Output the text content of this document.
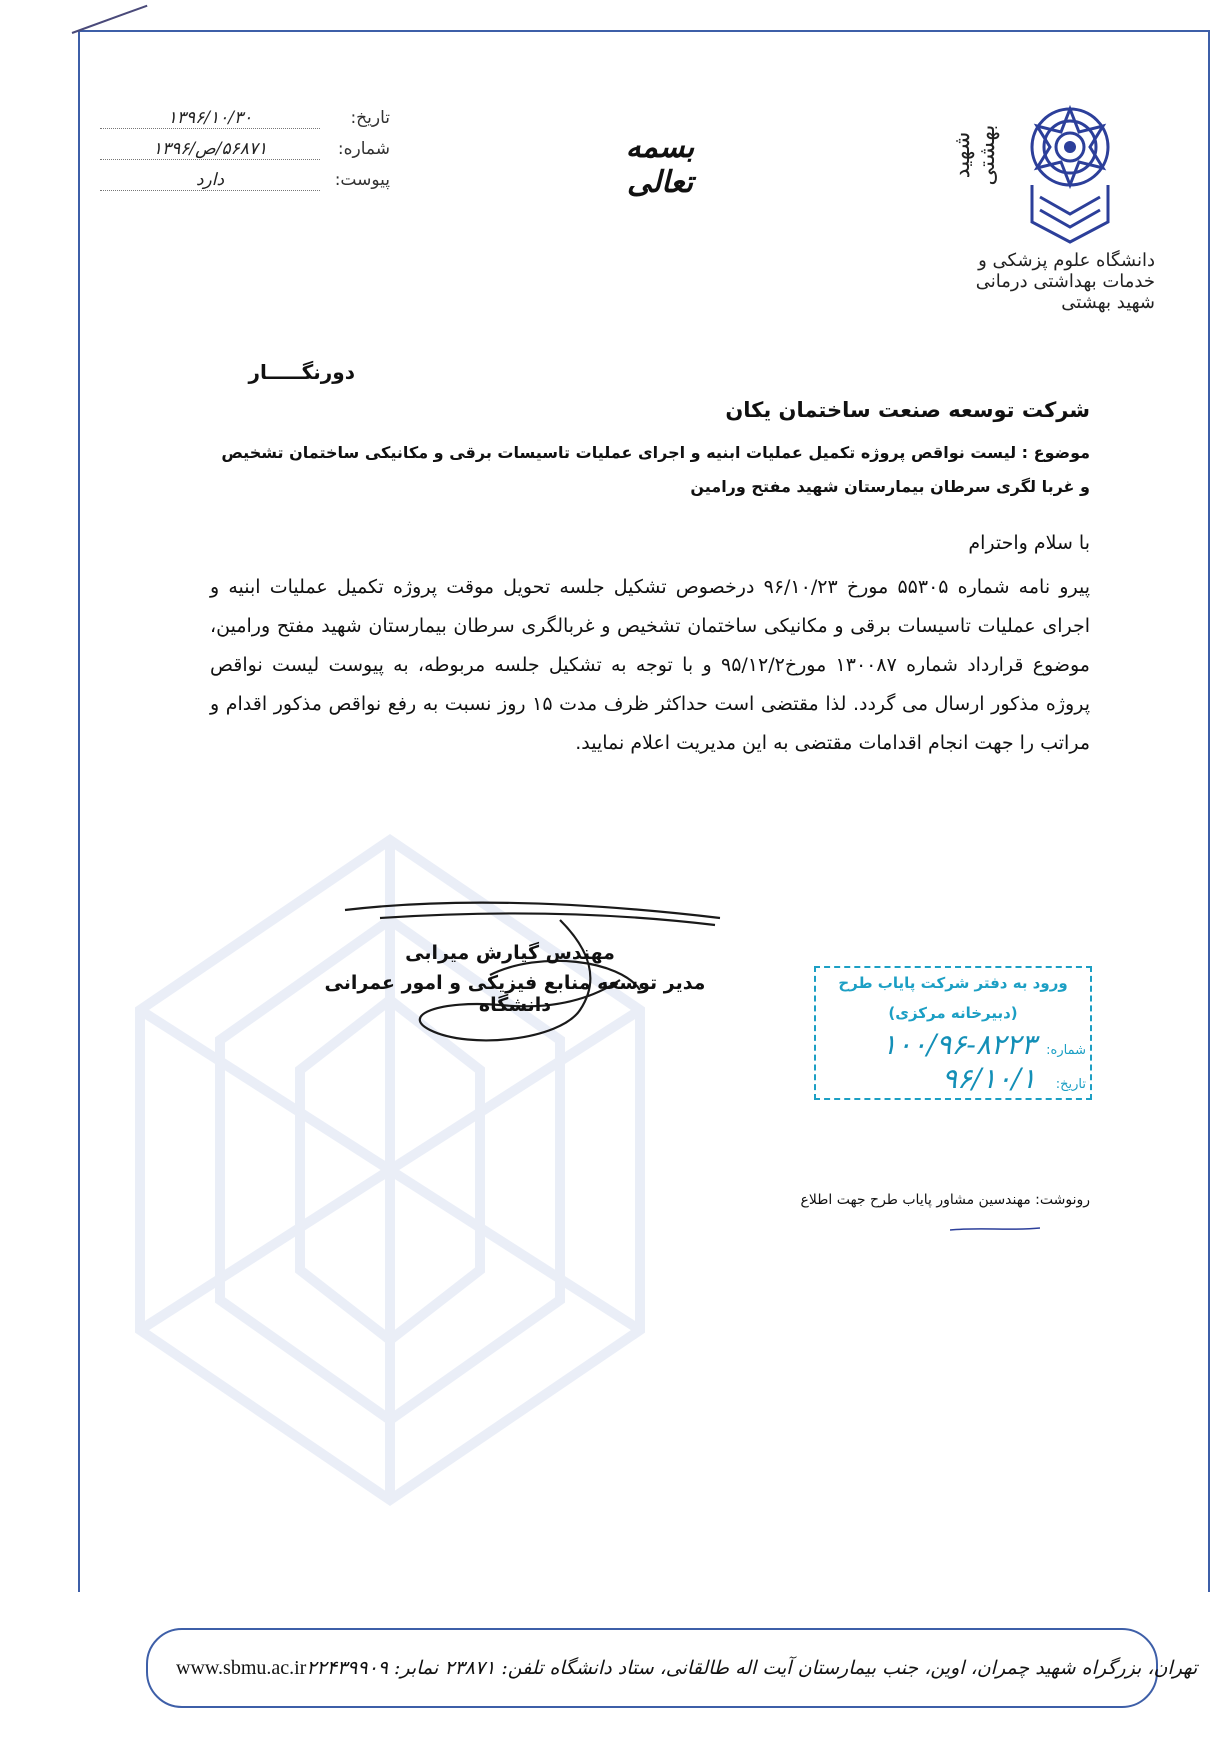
شهید بهشتی
دانشگاه علوم پزشکی و خدمات بهداشتی درمانی شهید بهشتی
بسمه تعالی
تاریخ:
۱۳۹۶/۱۰/۳۰
شماره:
۵۶۸۷۱/ص/۱۳۹۶
پیوست:
دارد
دورنگـــــار
شرکت توسعه صنعت ساختمان یکان
موضوع : لیست نواقص پروژه تکمیل عملیات ابنیه و اجرای عملیات تاسیسات برقی و مکانیکی ساختمان تشخیص و غربا لگری سرطان بیمارستان شهید مفتح ورامین
با سلام واحترام
پیرو نامه شماره ۵۵۳۰۵ مورخ ۹۶/۱۰/۲۳ درخصوص تشکیل جلسه تحویل موقت پروژه تکمیل عملیات ابنیه و اجرای عملیات تاسیسات برقی و مکانیکی ساختمان تشخیص و غربالگری سرطان بیمارستان شهید مفتح ورامین، موضوع قرارداد شماره ۱۳۰۰۸۷ مورخ۹۵/۱۲/۲ و با توجه به تشکیل جلسه مربوطه، به پیوست لیست نواقص پروژه مذکور ارسال می گردد. لذا مقتضی است حداکثر ظرف مدت ۱۵ روز نسبت به رفع نواقص مذکور اقدام و مراتب را جهت انجام اقدامات مقتضی به این مدیریت اعلام نمایید.
مهندس گیارش میرابی
مدیر توسعه منابع فیزیکی و امور عمرانی دانشگاه
ورود به دفتر شرکت پایاب طرح
(دبیرخانه مرکزی)
شماره:
۱۰۰/۹۶-۸۲۲۳
تاریخ:
۹۶/۱۰/۱
رونوشت: مهندسین مشاور پایاب طرح جهت اطلاع
www.sbmu.ac.ir تهران، بزرگراه شهید چمران، اوین، جنب بیمارستان آیت اله طالقانی، ستاد دانشگاه تلفن: ۲۳۸۷۱ نمابر: ۲۲۴۳۹۹۰۹
